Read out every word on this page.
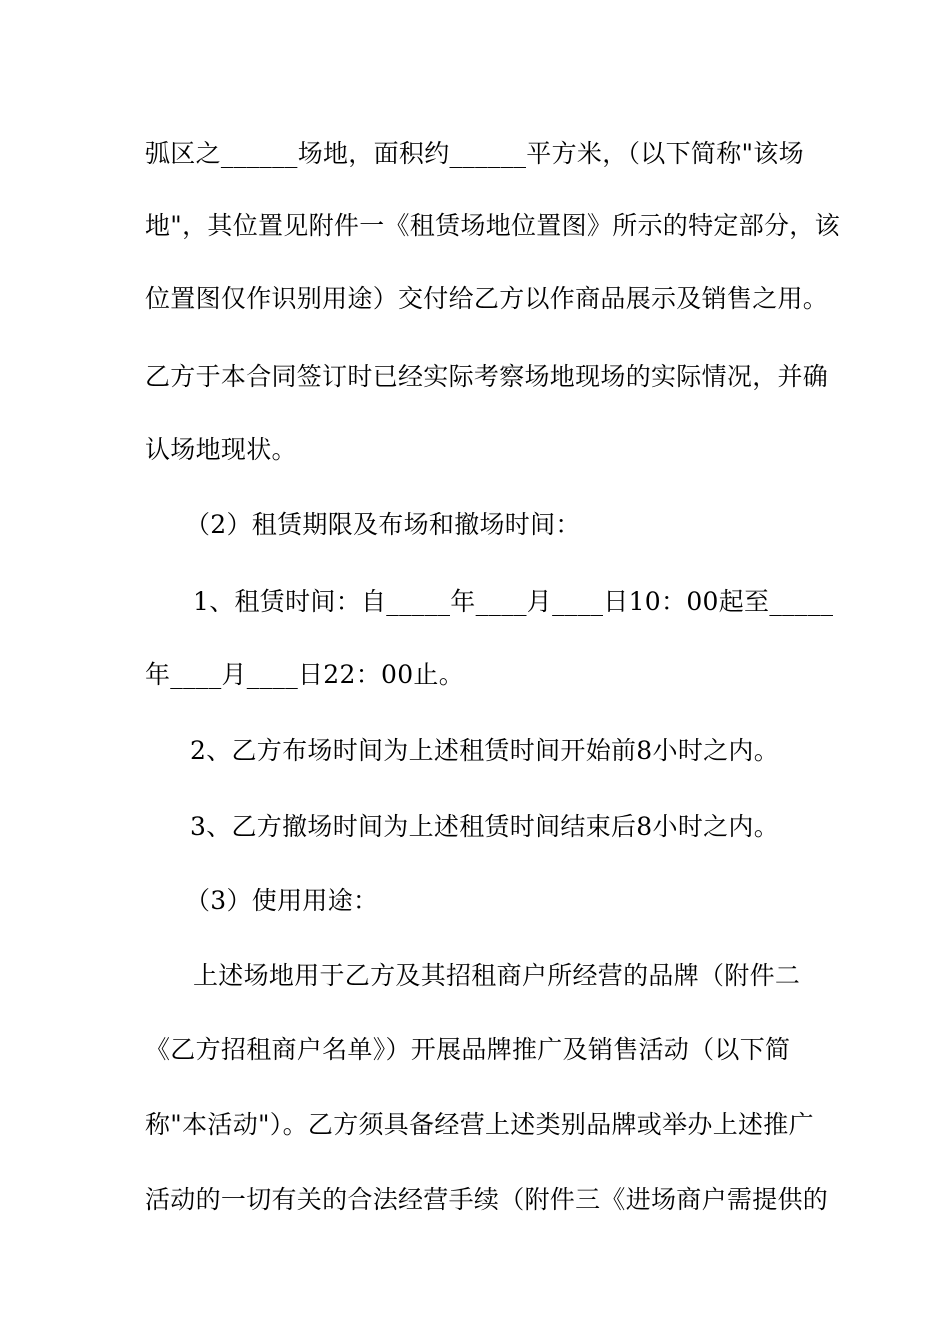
弧区之______场地，面积约______平方米，（以下简称"该场
地"，其位置见附件一《租赁场地位置图》所示的特定部分，该
位置图仅作识别用途）交付给乙方以作商品展示及销售之用。
乙方于本合同签订时已经实际考察场地现场的实际情况，并确
认场地现状。
（2）租赁期限及布场和撤场时间：
1、租赁时间：自_____年____月____日10：00起至_____
年____月____日22：00止。
2、乙方布场时间为上述租赁时间开始前8小时之内。
3、乙方撤场时间为上述租赁时间结束后8小时之内。
（3）使用用途：
上述场地用于乙方及其招租商户所经营的品牌（附件二
《乙方招租商户名单》）开展品牌推广及销售活动（以下简
称"本活动"）。乙方须具备经营上述类别品牌或举办上述推广
活动的一切有关的合法经营手续（附件三《进场商户需提供的
